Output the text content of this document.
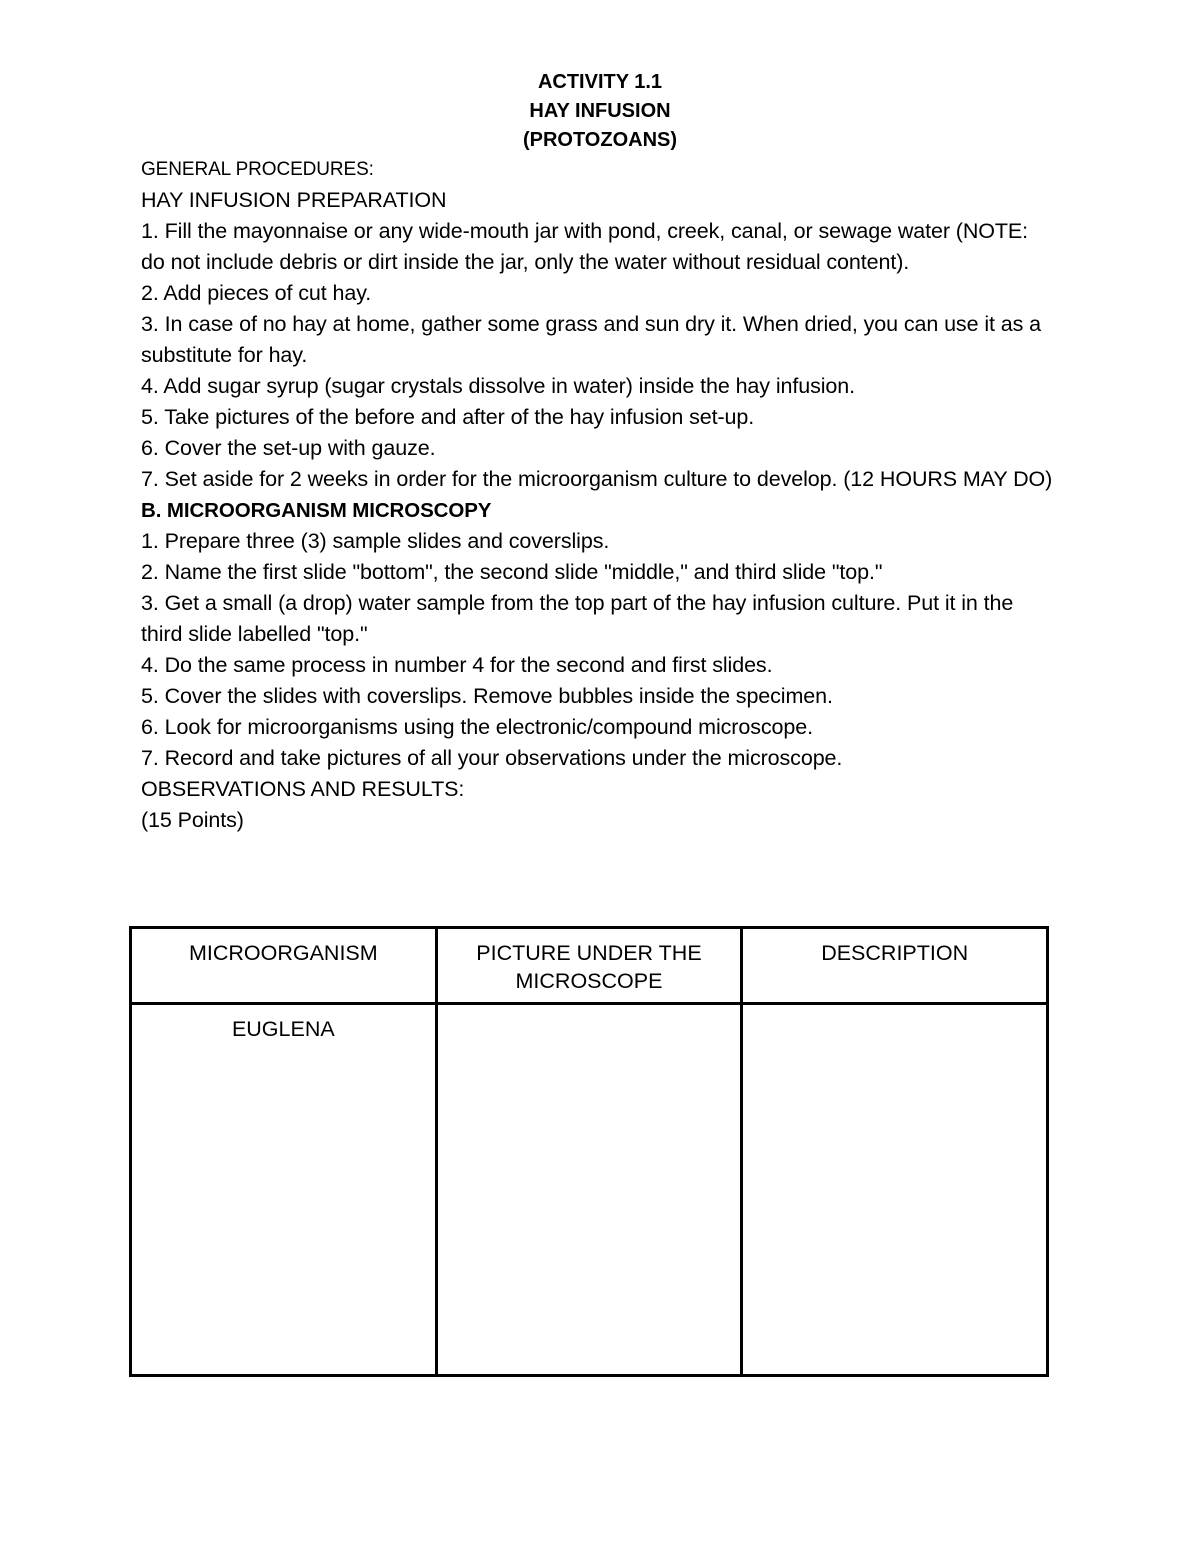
ACTIVITY 1.1
HAY INFUSION
(PROTOZOANS)
GENERAL PROCEDURES:
HAY INFUSION PREPARATION
1. Fill the mayonnaise or any wide-mouth jar with pond, creek, canal, or sewage water (NOTE: do not include debris or dirt inside the jar, only the water without residual content).
2. Add pieces of cut hay.
3. In case of no hay at home, gather some grass and sun dry it. When dried, you can use it as a substitute for hay.
4. Add sugar syrup (sugar crystals dissolve in water) inside the hay infusion.
5. Take pictures of the before and after of the hay infusion set-up.
6. Cover the set-up with gauze.
7. Set aside for 2 weeks in order for the microorganism culture to develop. (12 HOURS MAY DO)
B. MICROORGANISM MICROSCOPY
1. Prepare three (3) sample slides and coverslips.
2. Name the first slide "bottom", the second slide "middle," and third slide "top."
3. Get a small (a drop) water sample from the top part of the hay infusion culture. Put it in the third slide labelled "top."
4. Do the same process in number 4 for the second and first slides.
5. Cover the slides with coverslips. Remove bubbles inside the specimen.
6. Look for microorganisms using the electronic/compound microscope.
7. Record and take pictures of all your observations under the microscope.
OBSERVATIONS AND RESULTS:
(15 Points)
MICROORGANISM	PICTURE UNDER THE MICROSCOPE	DESCRIPTION
EUGLENA		
